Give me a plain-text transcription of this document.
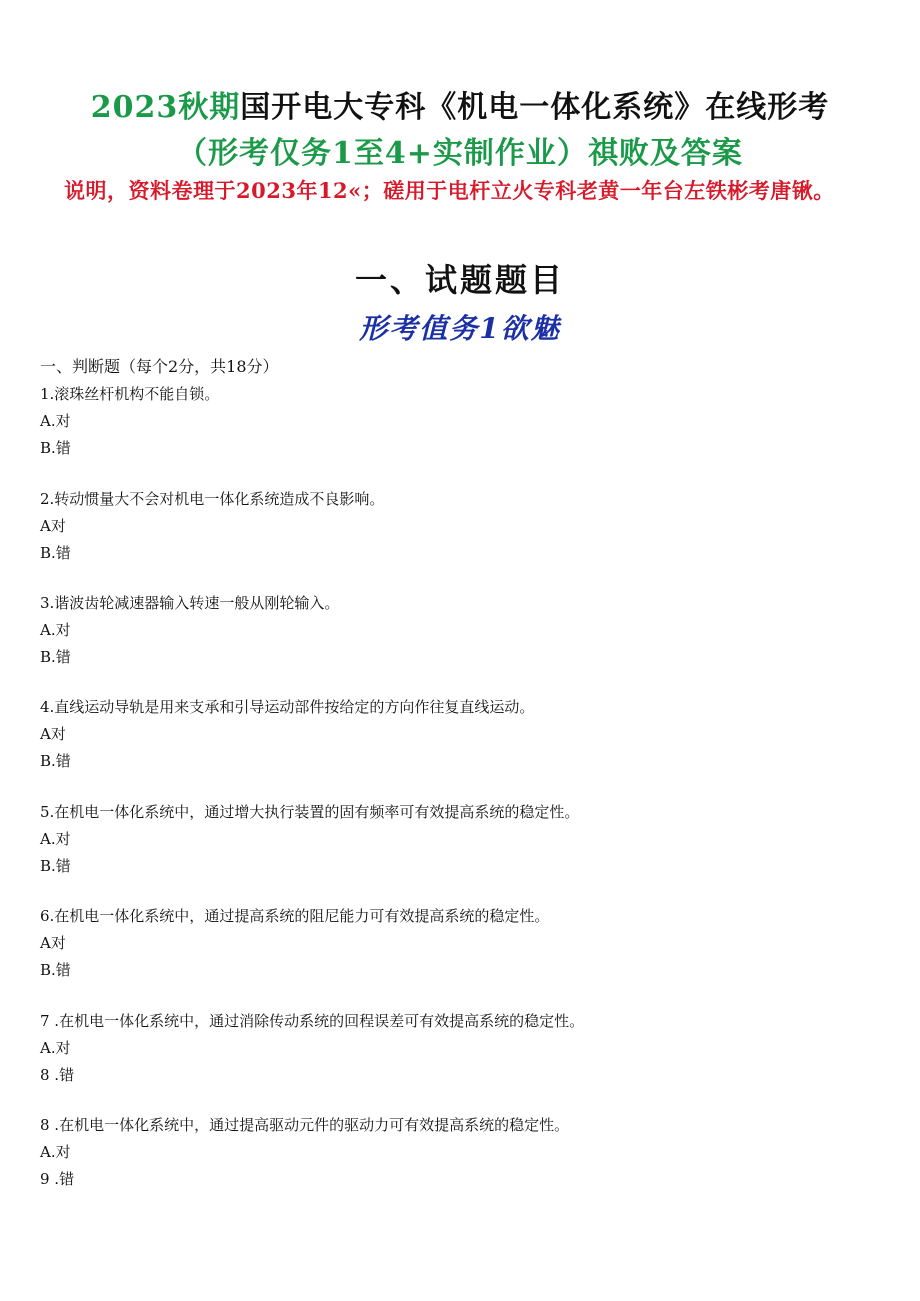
2023秋期国开电大专科《机电一体化系统》在线形考
（形考仅务1至4+实制作业）祺败及答案
说明，资料卷理于2023年12«；磋用于电杆立火专科老黄一年台左铁彬考唐锹。
一、试题题目
形考值务1欲魅
一、判断题（每个2分，共18分）
1.滚珠丝杆机构不能自锁。
A.对
B.错
2.转动惯量大不会对机电一体化系统造成不良影响。
A对
B.错
3.谐波齿轮减速器输入转速一般从刚轮输入。
A.对
B.错
4.直线运动导轨是用来支承和引导运动部件按给定的方向作往复直线运动。
A对
B.错
5.在机电一体化系统中，通过增大执行装置的固有频率可有效提高系统的稳定性。
A.对
B.错
6.在机电一体化系统中，通过提高系统的阻尼能力可有效提高系统的稳定性。
A对
B.错
7 .在机电一体化系统中，通过消除传动系统的回程误差可有效提高系统的稳定性。
A.对
8 .错
8 .在机电一体化系统中，通过提高驱动元件的驱动力可有效提高系统的稳定性。
A.对
9 .错
